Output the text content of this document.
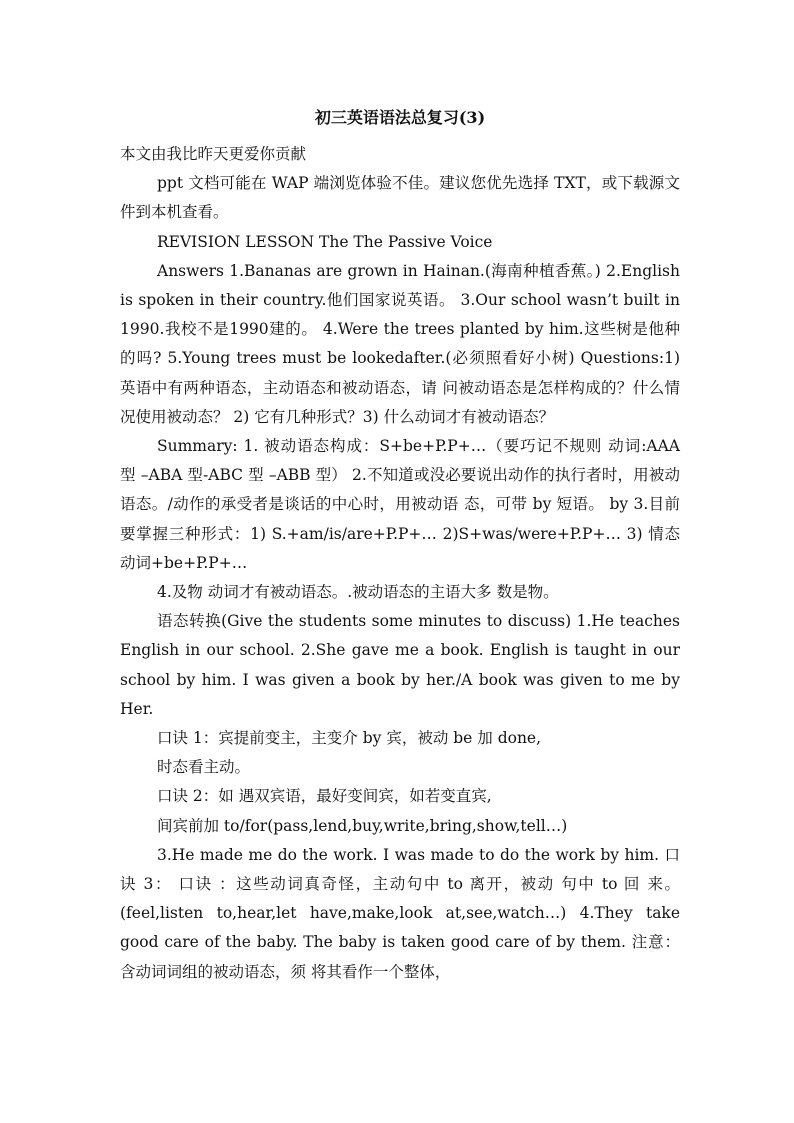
初三英语语法总复习(3)

本文由我比昨天更爱你贡献

ppt 文档可能在 WAP 端浏览体验不佳。建议您优先选择 TXT，或下载源文件到本机查看。

REVISION LESSON The The Passive Voice

Answers 1.Bananas are grown in Hainan.(海南种植香蕉。) 2.English is spoken in their country.他们国家说英语。 3.Our school wasn’t built in 1990.我校不是1990建的。 4.Were the trees planted by him.这些树是他种的吗? 5.Young trees must be lookedafter.(必须照看好小树) Questions:1) 英语中有两种语态，主动语态和被动语态，请 问被动语态是怎样构成的？什么情况使用被动态？ 2) 它有几种形式？3) 什么动词才有被动语态？

Summary: 1. 被动语态构成：S+be+P.P+…（要巧记不规则 动词:AAA 型 –ABA 型-ABC 型 –ABB 型） 2.不知道或没必要说出动作的执行者时，用被动 语态。/动作的承受者是谈话的中心时，用被动语 态，可带 by 短语。 by 3.目前要掌握三种形式：1) S.+am/is/are+P.P+… 2)S+was/were+P.P+… 3) 情态动词+be+P.P+…

4.及物 动词才有被动语态。.被动语态的主语大多 数是物。

语态转换(Give the students some minutes to discuss) 1.He teaches English in our school. 2.She gave me a book. English is taught in our school by him. I was given a book by her./A book was given to me by Her.

口诀 1：宾提前变主，主变介 by 宾，被动 be 加 done,

时态看主动。

口诀 2：如 遇双宾语，最好变间宾，如若变直宾,

间宾前加 to/for(pass,lend,buy,write,bring,show,tell…)

3.He made me do the work. I was made to do the work by him. 口诀 3： 口诀 ：这些动词真奇怪，主动句中 to 离开，被动 句中 to 回 来。(feel,listen to,hear,let have,make,look at,see,watch…) 4.They take good care of the baby. The baby is taken good care of by them. 注意：含动词词组的被动语态，须 将其看作一个整体，
